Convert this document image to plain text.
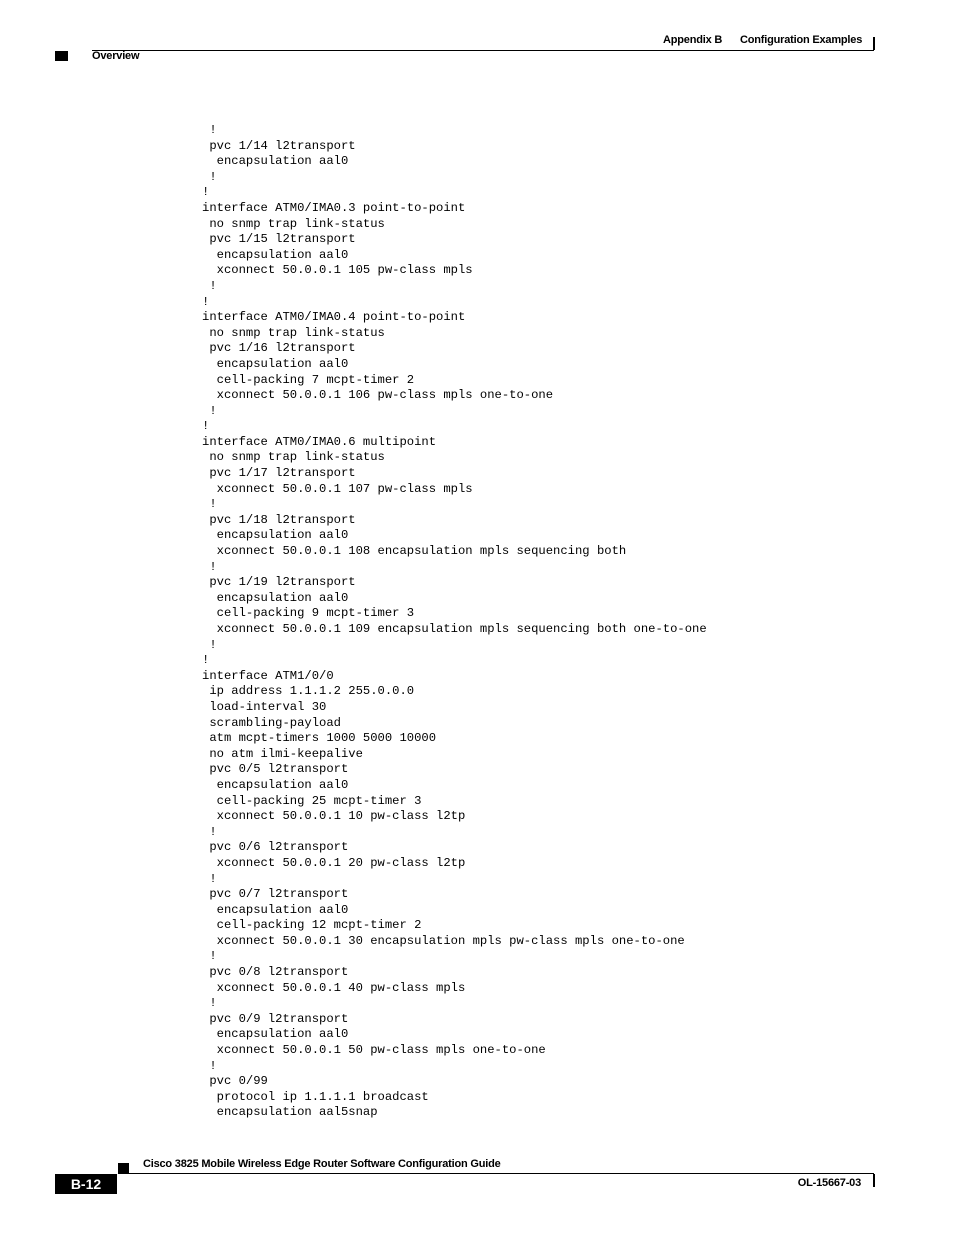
Appendix B Configuration Examples
Overview
!
pvc 1/14 l2transport
encapsulation aal0
!
!
interface ATM0/IMA0.3 point-to-point
no snmp trap link-status
pvc 1/15 l2transport
encapsulation aal0
xconnect 50.0.0.1 105 pw-class mpls
!
!
interface ATM0/IMA0.4 point-to-point
no snmp trap link-status
pvc 1/16 l2transport
encapsulation aal0
cell-packing 7 mcpt-timer 2
xconnect 50.0.0.1 106 pw-class mpls one-to-one
!
!
interface ATM0/IMA0.6 multipoint
no snmp trap link-status
pvc 1/17 l2transport
xconnect 50.0.0.1 107 pw-class mpls
!
pvc 1/18 l2transport
encapsulation aal0
xconnect 50.0.0.1 108 encapsulation mpls sequencing both
!
pvc 1/19 l2transport
encapsulation aal0
cell-packing 9 mcpt-timer 3
xconnect 50.0.0.1 109 encapsulation mpls sequencing both one-to-one
!
!
interface ATM1/0/0
ip address 1.1.1.2 255.0.0.0
load-interval 30
scrambling-payload
atm mcpt-timers 1000 5000 10000
no atm ilmi-keepalive
pvc 0/5 l2transport
encapsulation aal0
cell-packing 25 mcpt-timer 3
xconnect 50.0.0.1 10 pw-class l2tp
!
pvc 0/6 l2transport
xconnect 50.0.0.1 20 pw-class l2tp
!
pvc 0/7 l2transport
encapsulation aal0
cell-packing 12 mcpt-timer 2
xconnect 50.0.0.1 30 encapsulation mpls pw-class mpls one-to-one
!
pvc 0/8 l2transport
xconnect 50.0.0.1 40 pw-class mpls
!
pvc 0/9 l2transport
encapsulation aal0
xconnect 50.0.0.1 50 pw-class mpls one-to-one
!
pvc 0/99
protocol ip 1.1.1.1 broadcast
encapsulation aal5snap
Cisco 3825 Mobile Wireless Edge Router Software Configuration Guide
B-12	OL-15667-03
